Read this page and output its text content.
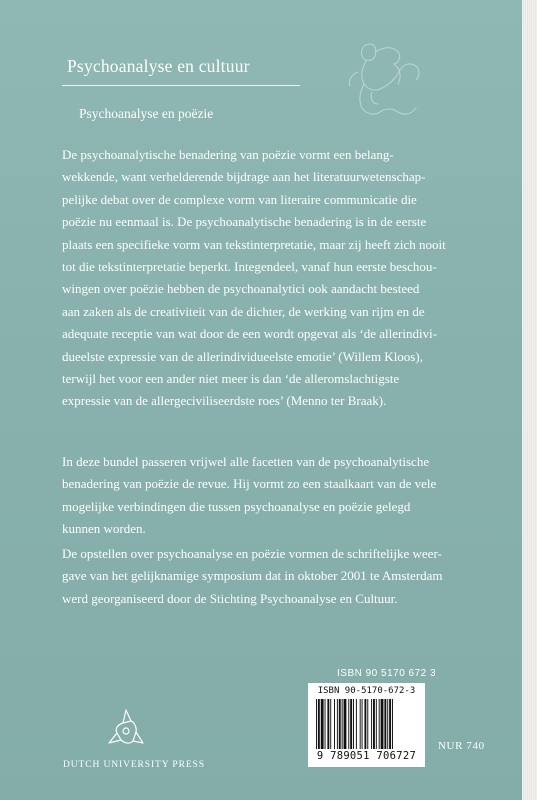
Psychoanalyse en cultuur
Psychoanalyse en poëzie
De psychoanalytische benadering van poëzie vormt een belang-
wekkende, want verhelderende bijdrage aan het literatuurwetenschap-
pelijke debat over de complexe vorm van literaire communicatie die
poëzie nu eenmaal is. De psychoanalytische benadering is in de eerste
plaats een specifieke vorm van tekstinterpretatie, maar zij heeft zich nooit
tot die tekstinterpretatie beperkt. Integendeel, vanaf hun eerste beschou-
wingen over poëzie hebben de psychoanalytici ook aandacht besteed
aan zaken als de creativiteit van de dichter, de werking van rijm en de
adequate receptie van wat door de een wordt opgevat als ‘de allerindivi-
dueelste expressie van de allerindividueelste emotie’ (Willem Kloos),
terwijl het voor een ander niet meer is dan ‘de alleromslachtigste
expressie van de allergeciviliseerdste roes’ (Menno ter Braak).
In deze bundel passeren vrijwel alle facetten van de psychoanalytische
benadering van poëzie de revue. Hij vormt zo een staalkaart van de vele
mogelijke verbindingen die tussen psychoanalyse en poëzie gelegd
kunnen worden.
De opstellen over psychoanalyse en poëzie vormen de schriftelijke weer-
gave van het gelijknamige symposium dat in oktober 2001 te Amsterdam
werd georganiseerd door de Stichting Psychoanalyse en Cultuur.
ISBN 90 5170 672 3
ISBN 90-5170-672-3
9 789051 706727
NUR 740
DUTCH UNIVERSITY PRESS
